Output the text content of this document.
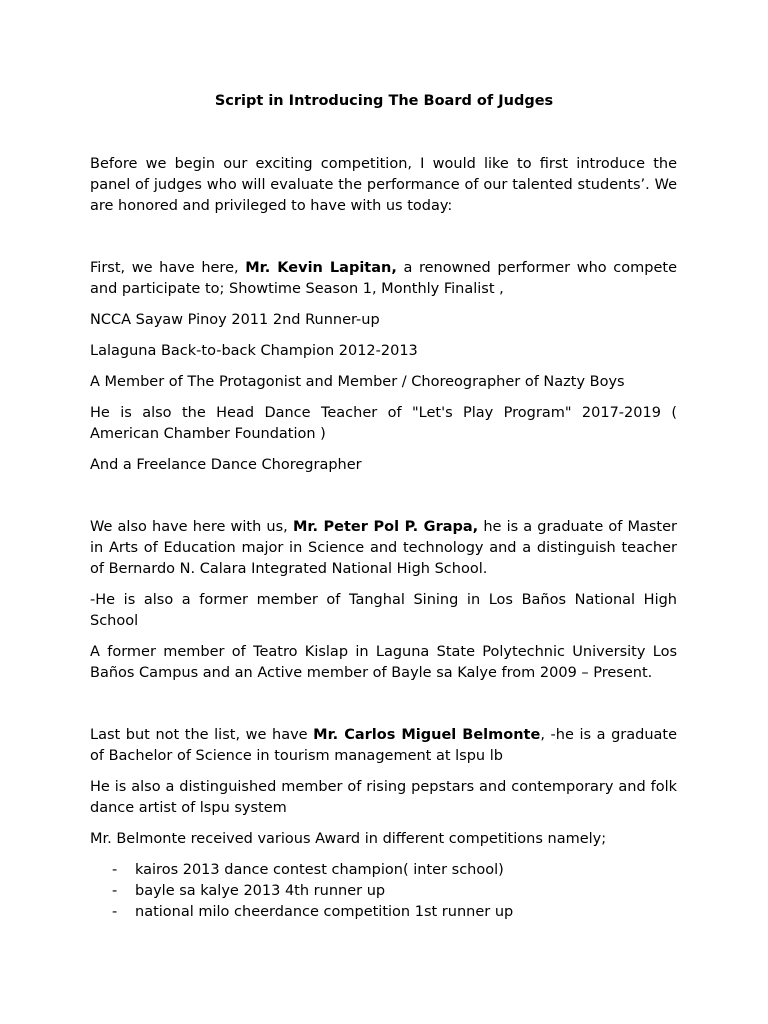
Script in Introducing The Board of Judges

Before we begin our exciting competition, I would like to first introduce the panel of judges who will evaluate the performance of our talented students’. We are honored and privileged to have with us today:

First, we have here, Mr. Kevin Lapitan, a renowned performer who compete and participate to; Showtime Season 1, Monthly Finalist ,

NCCA Sayaw Pinoy 2011 2nd Runner-up

Lalaguna Back-to-back Champion 2012-2013

A Member of The Protagonist and Member / Choreographer of Nazty Boys

He is also the Head Dance Teacher of "Let's Play Program" 2017-2019 ( American Chamber Foundation )

And a Freelance Dance Choregrapher

We also have here with us, Mr. Peter Pol P. Grapa, he is a graduate of Master in Arts of Education major in Science and technology and a distinguish teacher of Bernardo N. Calara Integrated National High School.

-He is also a former member of Tanghal Sining in Los Baños National High School

A former member of Teatro Kislap in Laguna State Polytechnic University Los Baños Campus and an Active member of Bayle sa Kalye from 2009 – Present.

Last but not the list, we have Mr. Carlos Miguel Belmonte, -he is a graduate of Bachelor of Science in tourism management at lspu lb

He is also a distinguished member of rising pepstars and contemporary and folk dance artist of lspu system

Mr. Belmonte received various Award in different competitions namely;

- kairos 2013 dance contest champion( inter school)
- bayle sa kalye 2013 4th runner up
- national milo cheerdance competition 1st runner up
